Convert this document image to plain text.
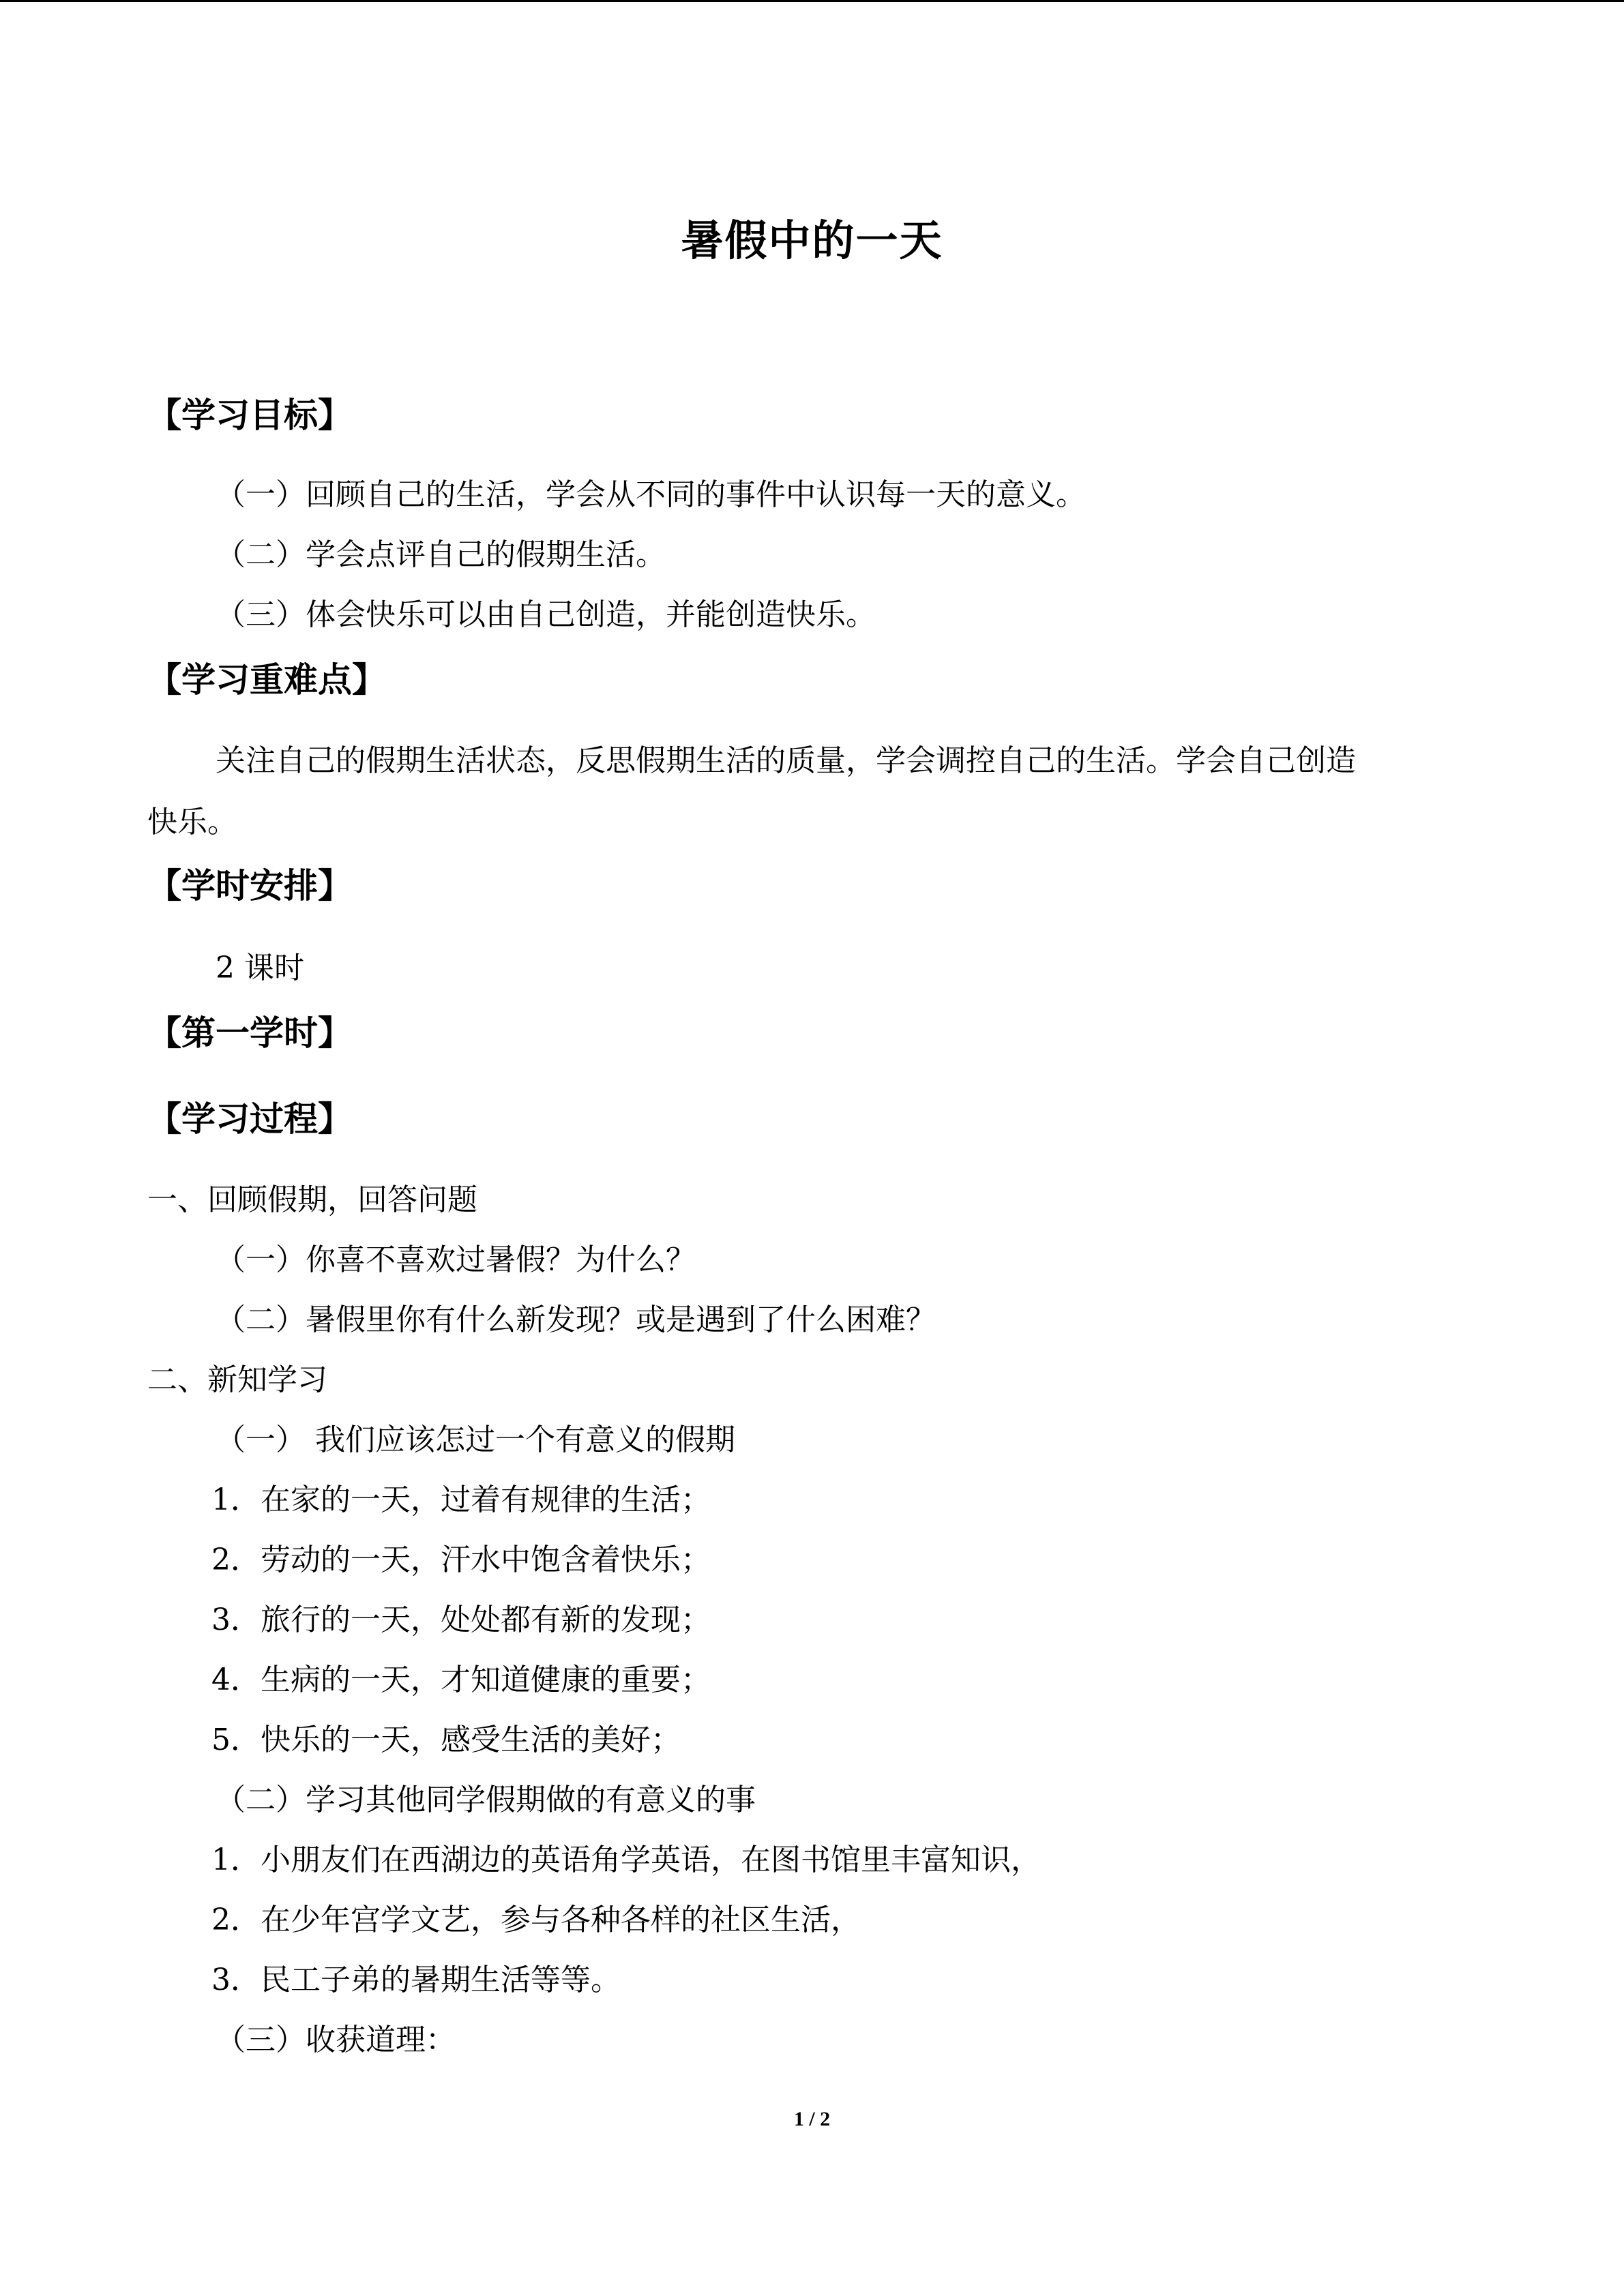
暑假中的一天
【学习目标】
（一）回顾自己的生活，学会从不同的事件中认识每一天的意义。
（二）学会点评自己的假期生活。
（三）体会快乐可以由自己创造，并能创造快乐。
【学习重难点】
关注自己的假期生活状态，反思假期生活的质量，学会调控自己的生活。学会自己创造
快乐。
【学时安排】
2 课时
【第一学时】
【学习过程】
一、回顾假期，回答问题
（一）你喜不喜欢过暑假？为什么？
（二）暑假里你有什么新发现？或是遇到了什么困难？
二、新知学习
（一） 我们应该怎过一个有意义的假期
1．在家的一天，过着有规律的生活；
2．劳动的一天，汗水中饱含着快乐；
3．旅行的一天，处处都有新的发现；
4．生病的一天，才知道健康的重要；
5．快乐的一天，感受生活的美好；
（二）学习其他同学假期做的有意义的事
1．小朋友们在西湖边的英语角学英语，在图书馆里丰富知识，
2．在少年宫学文艺，参与各种各样的社区生活，
3．民工子弟的暑期生活等等。
（三）收获道理：
1 / 2
